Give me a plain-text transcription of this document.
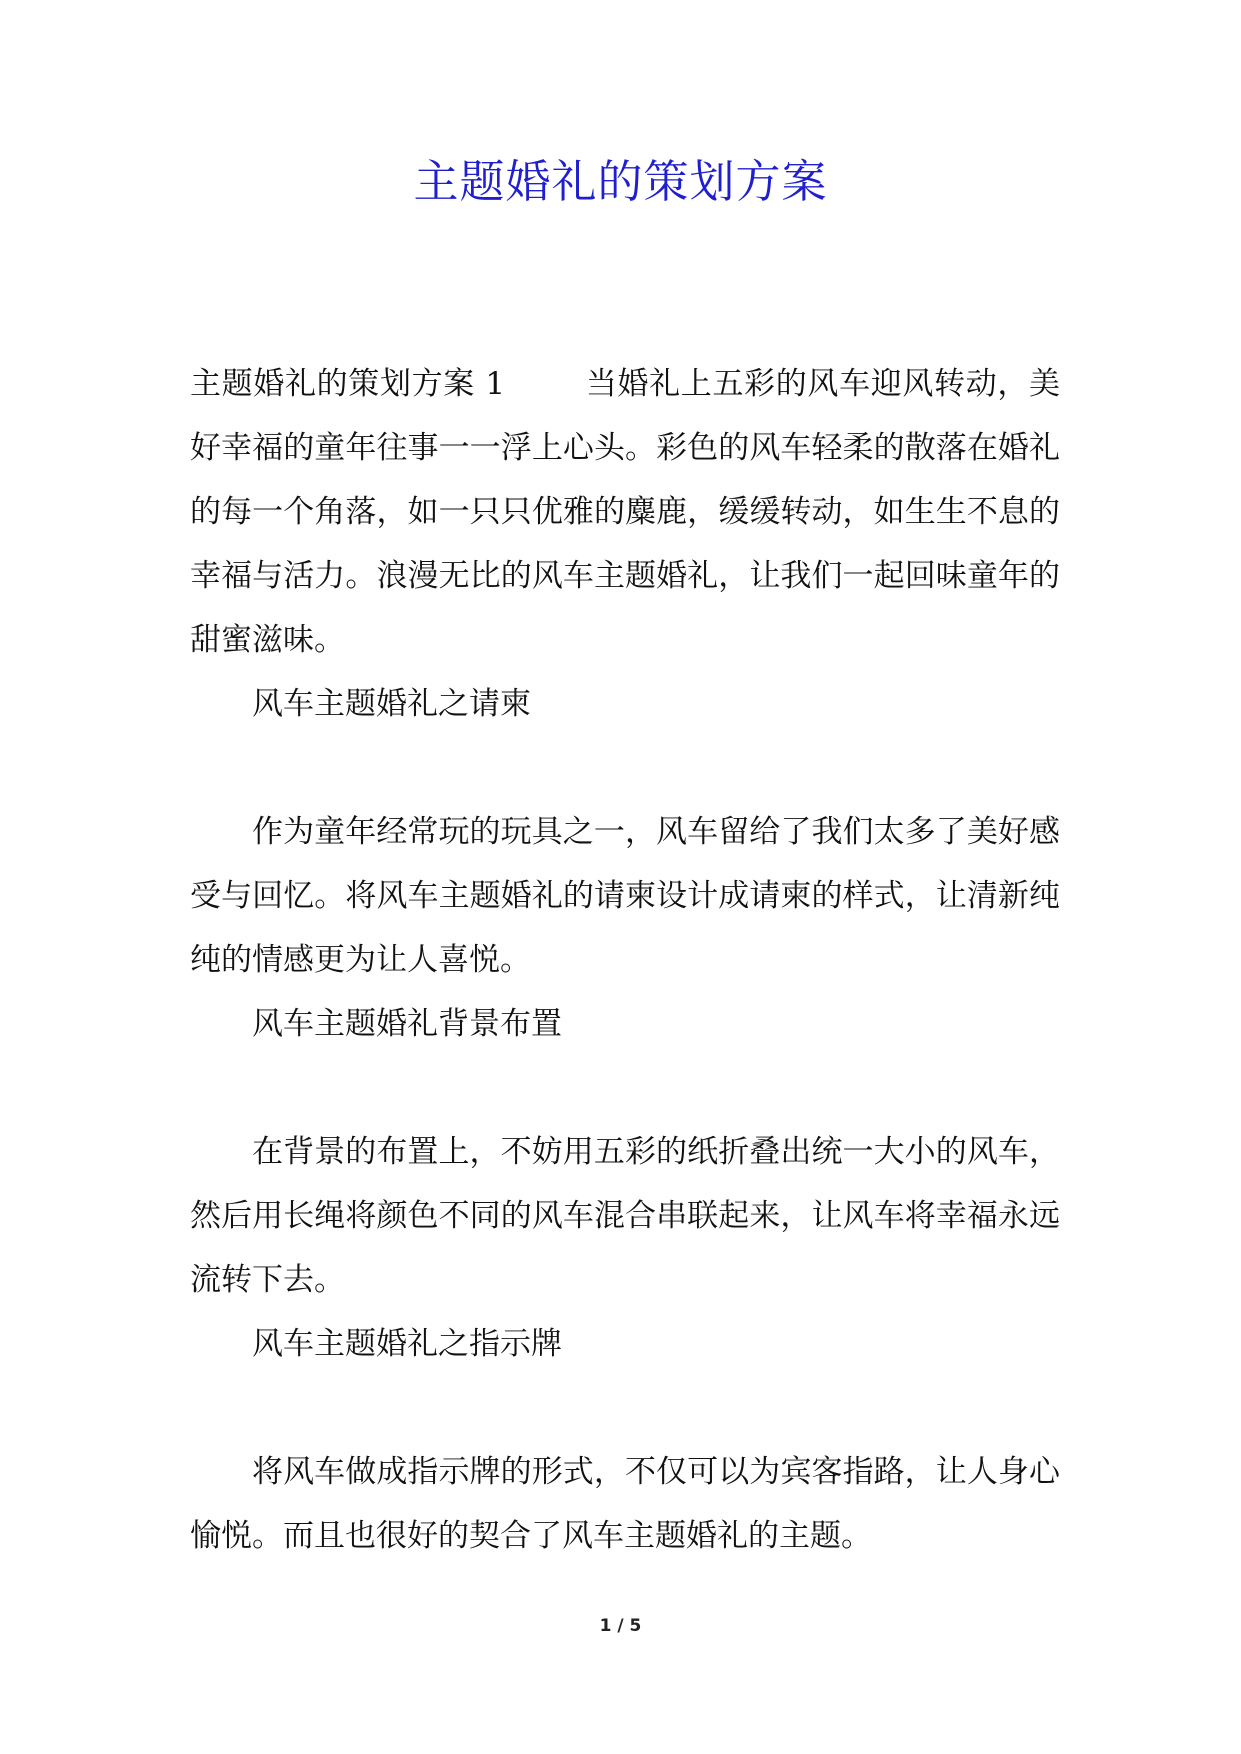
主题婚礼的策划方案

主题婚礼的策划方案 1	当婚礼上五彩的风车迎风转动，美好幸福的童年往事一一浮上心头。彩色的风车轻柔的散落在婚礼的每一个角落，如一只只优雅的麋鹿，缓缓转动，如生生不息的幸福与活力。浪漫无比的风车主题婚礼，让我们一起回味童年的甜蜜滋味。

风车主题婚礼之请柬

作为童年经常玩的玩具之一，风车留给了我们太多了美好感受与回忆。将风车主题婚礼的请柬设计成请柬的样式，让清新纯纯的情感更为让人喜悦。

风车主题婚礼背景布置

在背景的布置上，不妨用五彩的纸折叠出统一大小的风车，然后用长绳将颜色不同的风车混合串联起来，让风车将幸福永远流转下去。

风车主题婚礼之指示牌

将风车做成指示牌的形式，不仅可以为宾客指路，让人身心愉悦。而且也很好的契合了风车主题婚礼的主题。

1 / 5
